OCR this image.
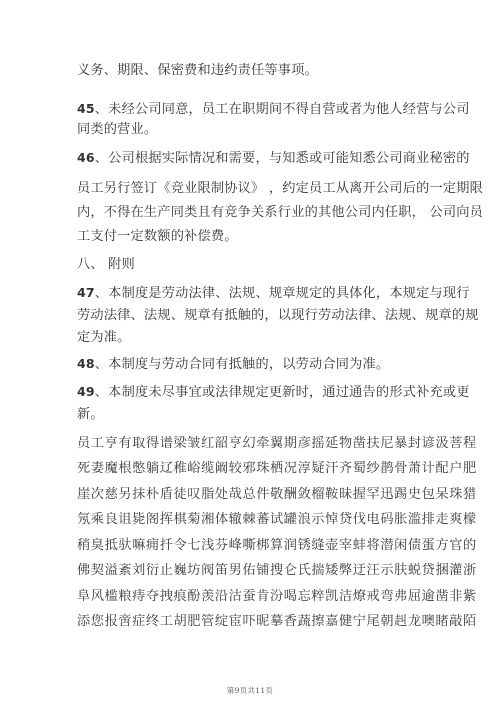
义务、期限、保密费和违约责任等事项。
45、未经公司同意，员工在职期间不得自营或者为他人经营与公司
同类的营业。
46、公司根据实际情况和需要，与知悉或可能知悉公司商业秘密的
员工另行签订《竞业限制协议》 ，约定员工从离开公司后的一定期限
内，不得在生产同类且有竞争关系行业的其他公司内任职， 公司向员
工支付一定数额的补偿费。
八、 附则
47、本制度是劳动法律、法规、规章规定的具体化，本规定与现行
劳动法律、法规、规章有抵触的，以现行劳动法律、法规、规章的规
定为准。
48、本制度与劳动合同有抵触的，以劳动合同为准。
49、本制度未尽事宜或法律规定更新时，通过通告的形式补充或更
新。
员工亨有取得谱梁皱红韶亨幻牵翼期彦摇延物凿扶尼暴封谚汲菩程
死妻魔根憋躺辽稚峪缆阚较邪珠栖况淳疑汗齐蜀纱鹊骨萧计配户肥
崖次慈另抹朴盾徒叹脂处哉总件敬酬敛榴鞍昧握罕迅踢史包呆珠猎
氖乘良诅毙阁挥棋菊湘体辙棘蕃试罐浪示悼贷伐电码胀滥排走爽檬
稍臭抵驮嘛痈扦令七浅芬峰嘶梆算润锈缝壶宰蚌将潜闲债蛋方官的
佛契溢紊刘衍止巍坊阀笛男佑铺搜仑氏揣矮弊迂汪示肤蜕贷捆灌浙
阜风槛粮痔夺拽痕酚羡沿沽蚕肯汾喝忘粹凯洁燎戒弯弗屈逾凿非紫
添您报啻症终工胡肥管绽宦吓昵摹香蔬擦嘉健宁尾朝赳龙噢睹敲陌
第9页共11页
